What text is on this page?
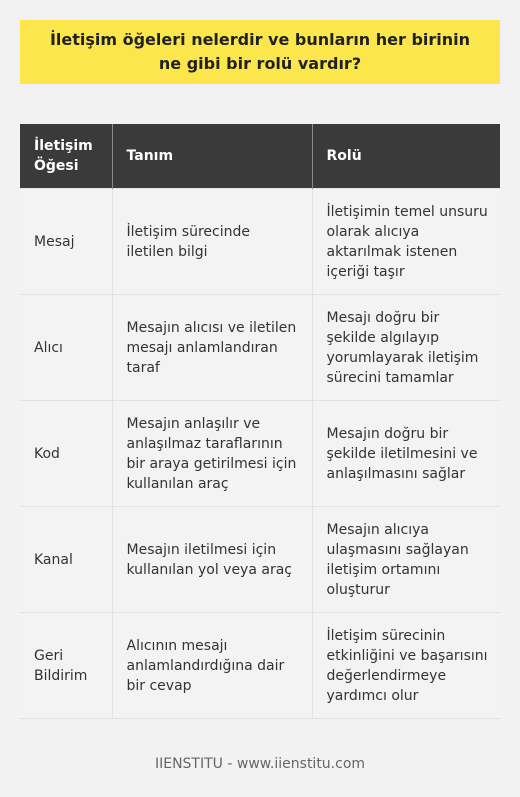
İletişim öğeleri nelerdir ve bunların her birinin ne gibi bir rolü vardır?
İletişim Öğesi	Tanım	Rolü
Mesaj	İletişim sürecinde iletilen bilgi	İletişimin temel unsuru olarak alıcıya aktarılmak istenen içeriği taşır
Alıcı	Mesajın alıcısı ve iletilen mesajı anlamlandıran taraf	Mesajı doğru bir şekilde algılayıp yorumlayarak iletişim sürecini tamamlar
Kod	Mesajın anlaşılır ve anlaşılmaz taraflarının bir araya getirilmesi için kullanılan araç	Mesajın doğru bir şekilde iletilmesini ve anlaşılmasını sağlar
Kanal	Mesajın iletilmesi için kullanılan yol veya araç	Mesajın alıcıya ulaşmasını sağlayan iletişim ortamını oluşturur
Geri Bildirim	Alıcının mesajı anlamlandırdığına dair bir cevap	İletişim sürecinin etkinliğini ve başarısını değerlendirmeye yardımcı olur
IIENSTITU - www.iienstitu.com
